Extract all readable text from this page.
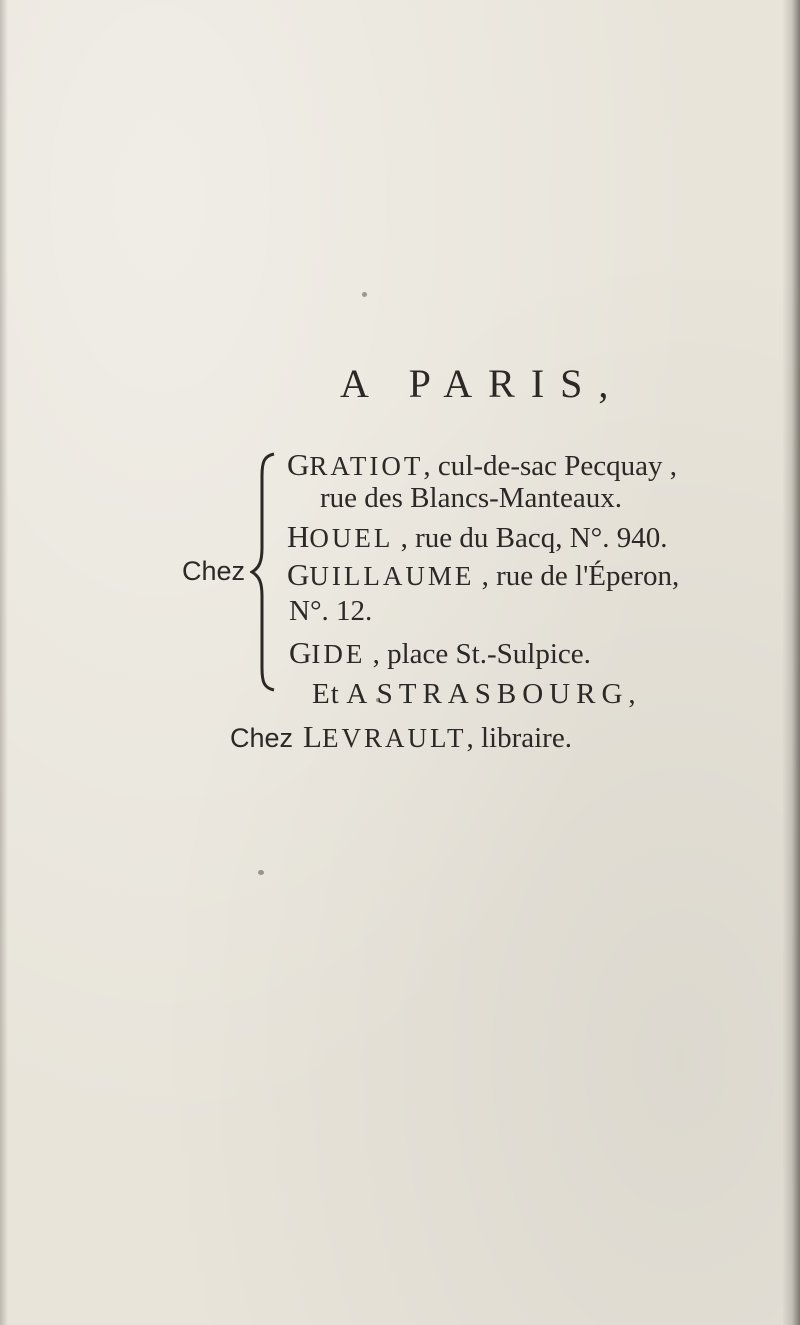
A PARIS,
Chez
GRATIOT, cul-de-sac Pecquay ,
rue des Blancs-Manteaux.
HOUEL , rue du Bacq, N°. 940.
GUILLAUME , rue de l'Éperon,
N°. 12.
GIDE , place St.-Sulpice.
Et A STRASBOURG,
Chez LEVRAULT, libraire.
